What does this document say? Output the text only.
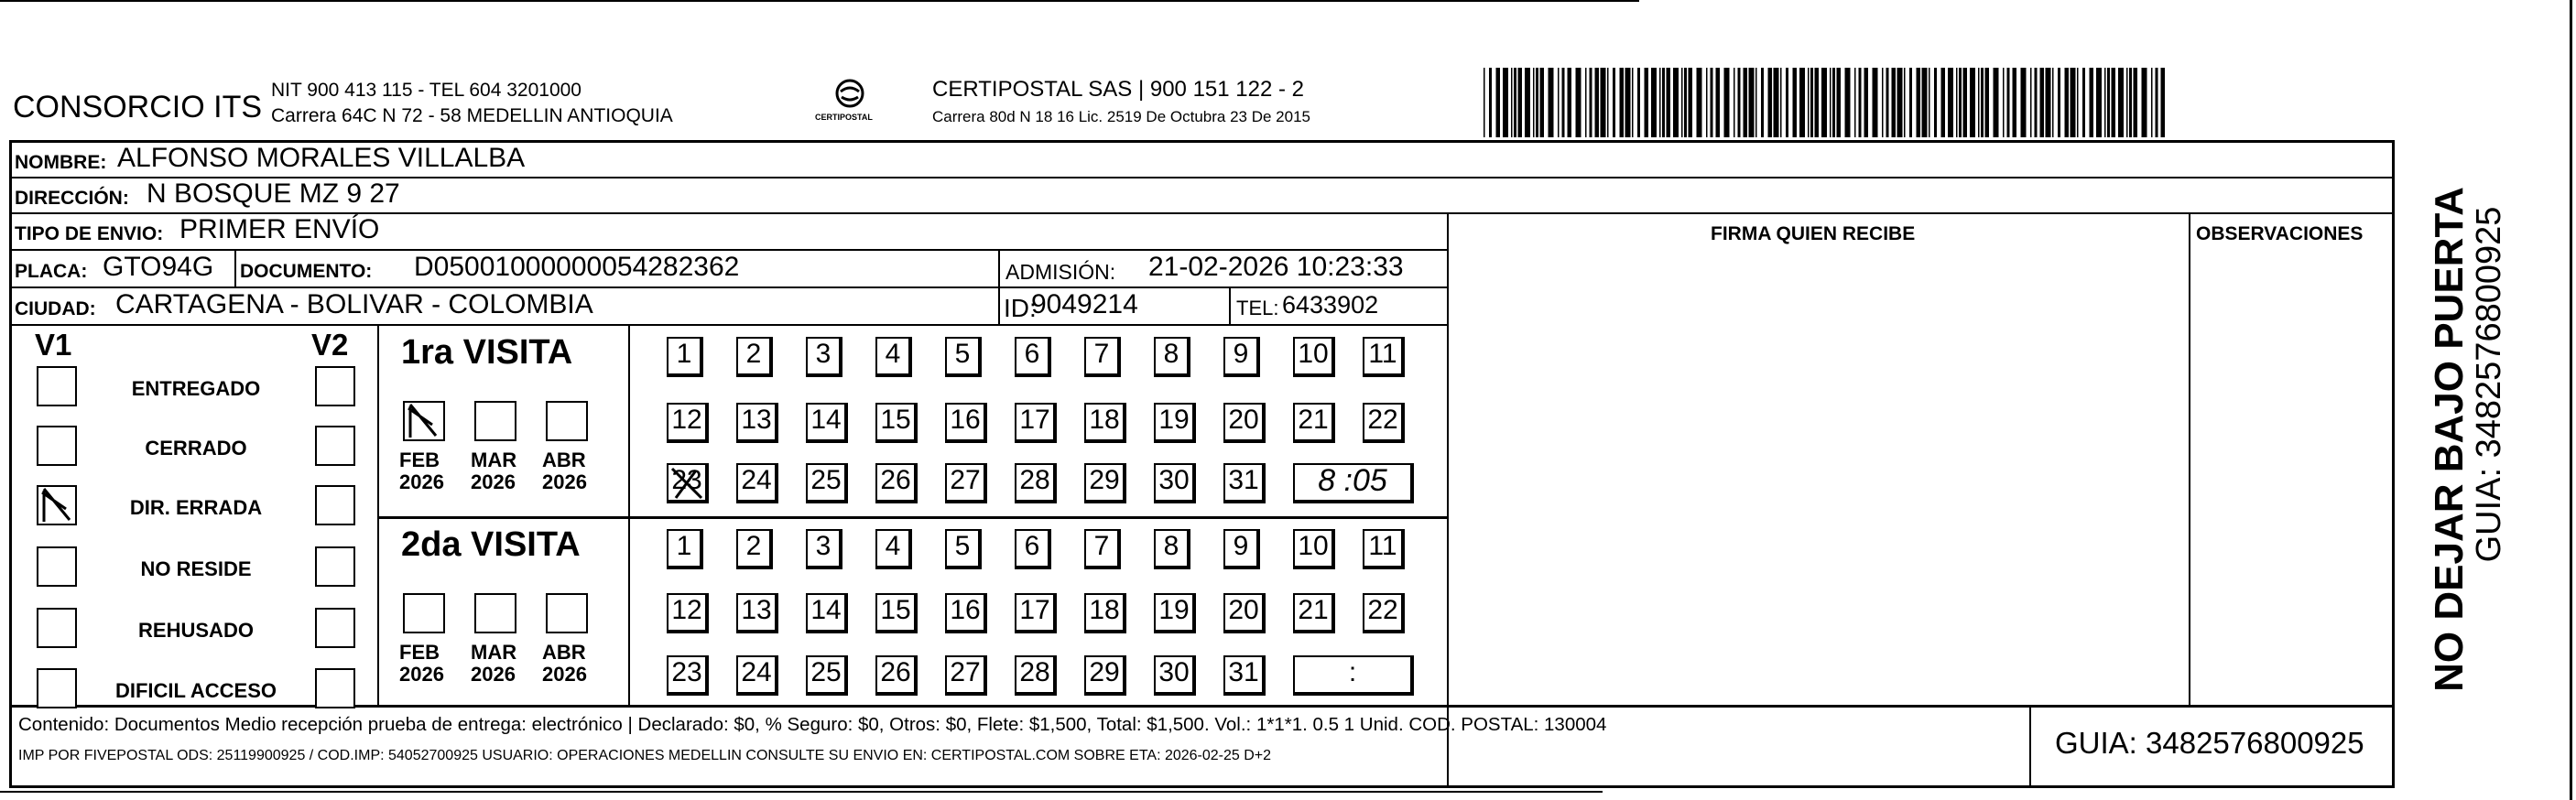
CONSORCIO ITS NIT 900 413 115 - TEL 604 3201000
Carrera 64C N 72 - 58 MEDELLIN ANTIOQUIA	CERTIPOSTAL
CERTIPOSTAL SAS | 900 151 122 - 2
Carrera 80d N 18 16 Lic. 2519 De Octubra 23 De 2015
NOMBRE: ALFONSO MORALES VILLALBA
DIRECCIÓN: N BOSQUE MZ 9 27
TIPO DE ENVIO: PRIMER ENVÍO	FIRMA QUIEN RECIBE	OBSERVACIONES
PLACA: GTO94G DOCUMENTO: D05001000000054282362	ADMISIÓN: 21-02-2026 10:23:33
CIUDAD: CARTAGENA - BOLIVAR - COLOMBIA	ID:
9049214	TEL: 6433902
V1	V2 1ra VISITA
2da VISITA
Contenido: Documentos Medio recepción prueba de entrega: electrónico | Declarado: $0, % Seguro: $0, Otros: $0, Flete: $1,500, Total: $1,500. Vol.: 1*1*1. 0.5 1 Unid. COD. POSTAL: 130004
IMP POR FIVEPOSTAL ODS: 25119900925 / COD.IMP: 54052700925 USUARIO: OPERACIONES MEDELLIN CONSULTE SU ENVIO EN: CERTIPOSTAL.COM SOBRE ETA: 2026-02-25 D+2	GUIA: 3482576800925
NO DEJAR BAJO PUERTA
GUIA: 3482576800925
ENTREGADO
CERRADO
DIR. ERRADA
NO RESIDE
REHUSADO
DIFICIL ACCESO
FEB
2026
MAR
2026
ABR
2026
1	2	3	4	5	6	7	8	9	10 11
12 13 14 15 16 17 18 19 20 21 22
23 24 25 26 27 28 29 30 31	8 :05
FEB
2026
MAR
2026
ABR
2026
1	2	3	4	5	6	7	8	9	10 11
12 13 14 15 16 17 18 19 20 21 22
23 24 25 26 27 28 29 30 31	:
